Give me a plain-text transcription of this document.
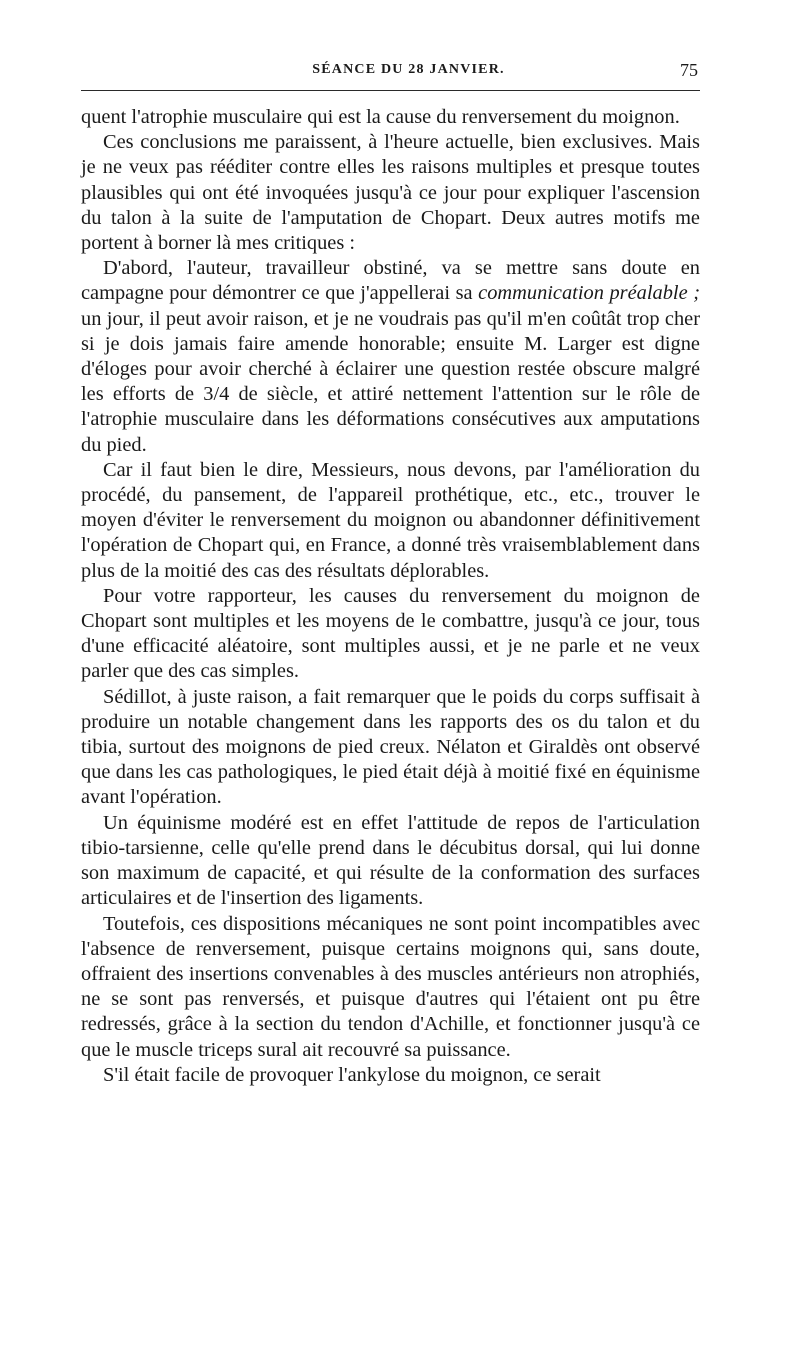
SÉANCE DU 28 JANVIER.	75

quent l'atrophie musculaire qui est la cause du renversement du moignon.

Ces conclusions me paraissent, à l'heure actuelle, bien exclusives. Mais je ne veux pas rééditer contre elles les raisons multiples et presque toutes plausibles qui ont été invoquées jusqu'à ce jour pour expliquer l'ascension du talon à la suite de l'amputation de Chopart. Deux autres motifs me portent à borner là mes critiques :

D'abord, l'auteur, travailleur obstiné, va se mettre sans doute en campagne pour démontrer ce que j'appellerai sa communication préalable ; un jour, il peut avoir raison, et je ne voudrais pas qu'il m'en coûtât trop cher si je dois jamais faire amende honorable; ensuite M. Larger est digne d'éloges pour avoir cherché à éclairer une question restée obscure malgré les efforts de 3/4 de siècle, et attiré nettement l'attention sur le rôle de l'atrophie musculaire dans les déformations consécutives aux amputations du pied.

Car il faut bien le dire, Messieurs, nous devons, par l'amélioration du procédé, du pansement, de l'appareil prothétique, etc., etc., trouver le moyen d'éviter le renversement du moignon ou abandonner définitivement l'opération de Chopart qui, en France, a donné très vraisemblablement dans plus de la moitié des cas des résultats déplorables.

Pour votre rapporteur, les causes du renversement du moignon de Chopart sont multiples et les moyens de le combattre, jusqu'à ce jour, tous d'une efficacité aléatoire, sont multiples aussi, et je ne parle et ne veux parler que des cas simples.

Sédillot, à juste raison, a fait remarquer que le poids du corps suffisait à produire un notable changement dans les rapports des os du talon et du tibia, surtout des moignons de pied creux. Nélaton et Giraldès ont observé que dans les cas pathologiques, le pied était déjà à moitié fixé en équinisme avant l'opération.

Un équinisme modéré est en effet l'attitude de repos de l'articulation tibio-tarsienne, celle qu'elle prend dans le décubitus dorsal, qui lui donne son maximum de capacité, et qui résulte de la conformation des surfaces articulaires et de l'insertion des ligaments.

Toutefois, ces dispositions mécaniques ne sont point incompatibles avec l'absence de renversement, puisque certains moignons qui, sans doute, offraient des insertions convenables à des muscles antérieurs non atrophiés, ne se sont pas renversés, et puisque d'autres qui l'étaient ont pu être redressés, grâce à la section du tendon d'Achille, et fonctionner jusqu'à ce que le muscle triceps sural ait recouvré sa puissance.

S'il était facile de provoquer l'ankylose du moignon, ce serait
